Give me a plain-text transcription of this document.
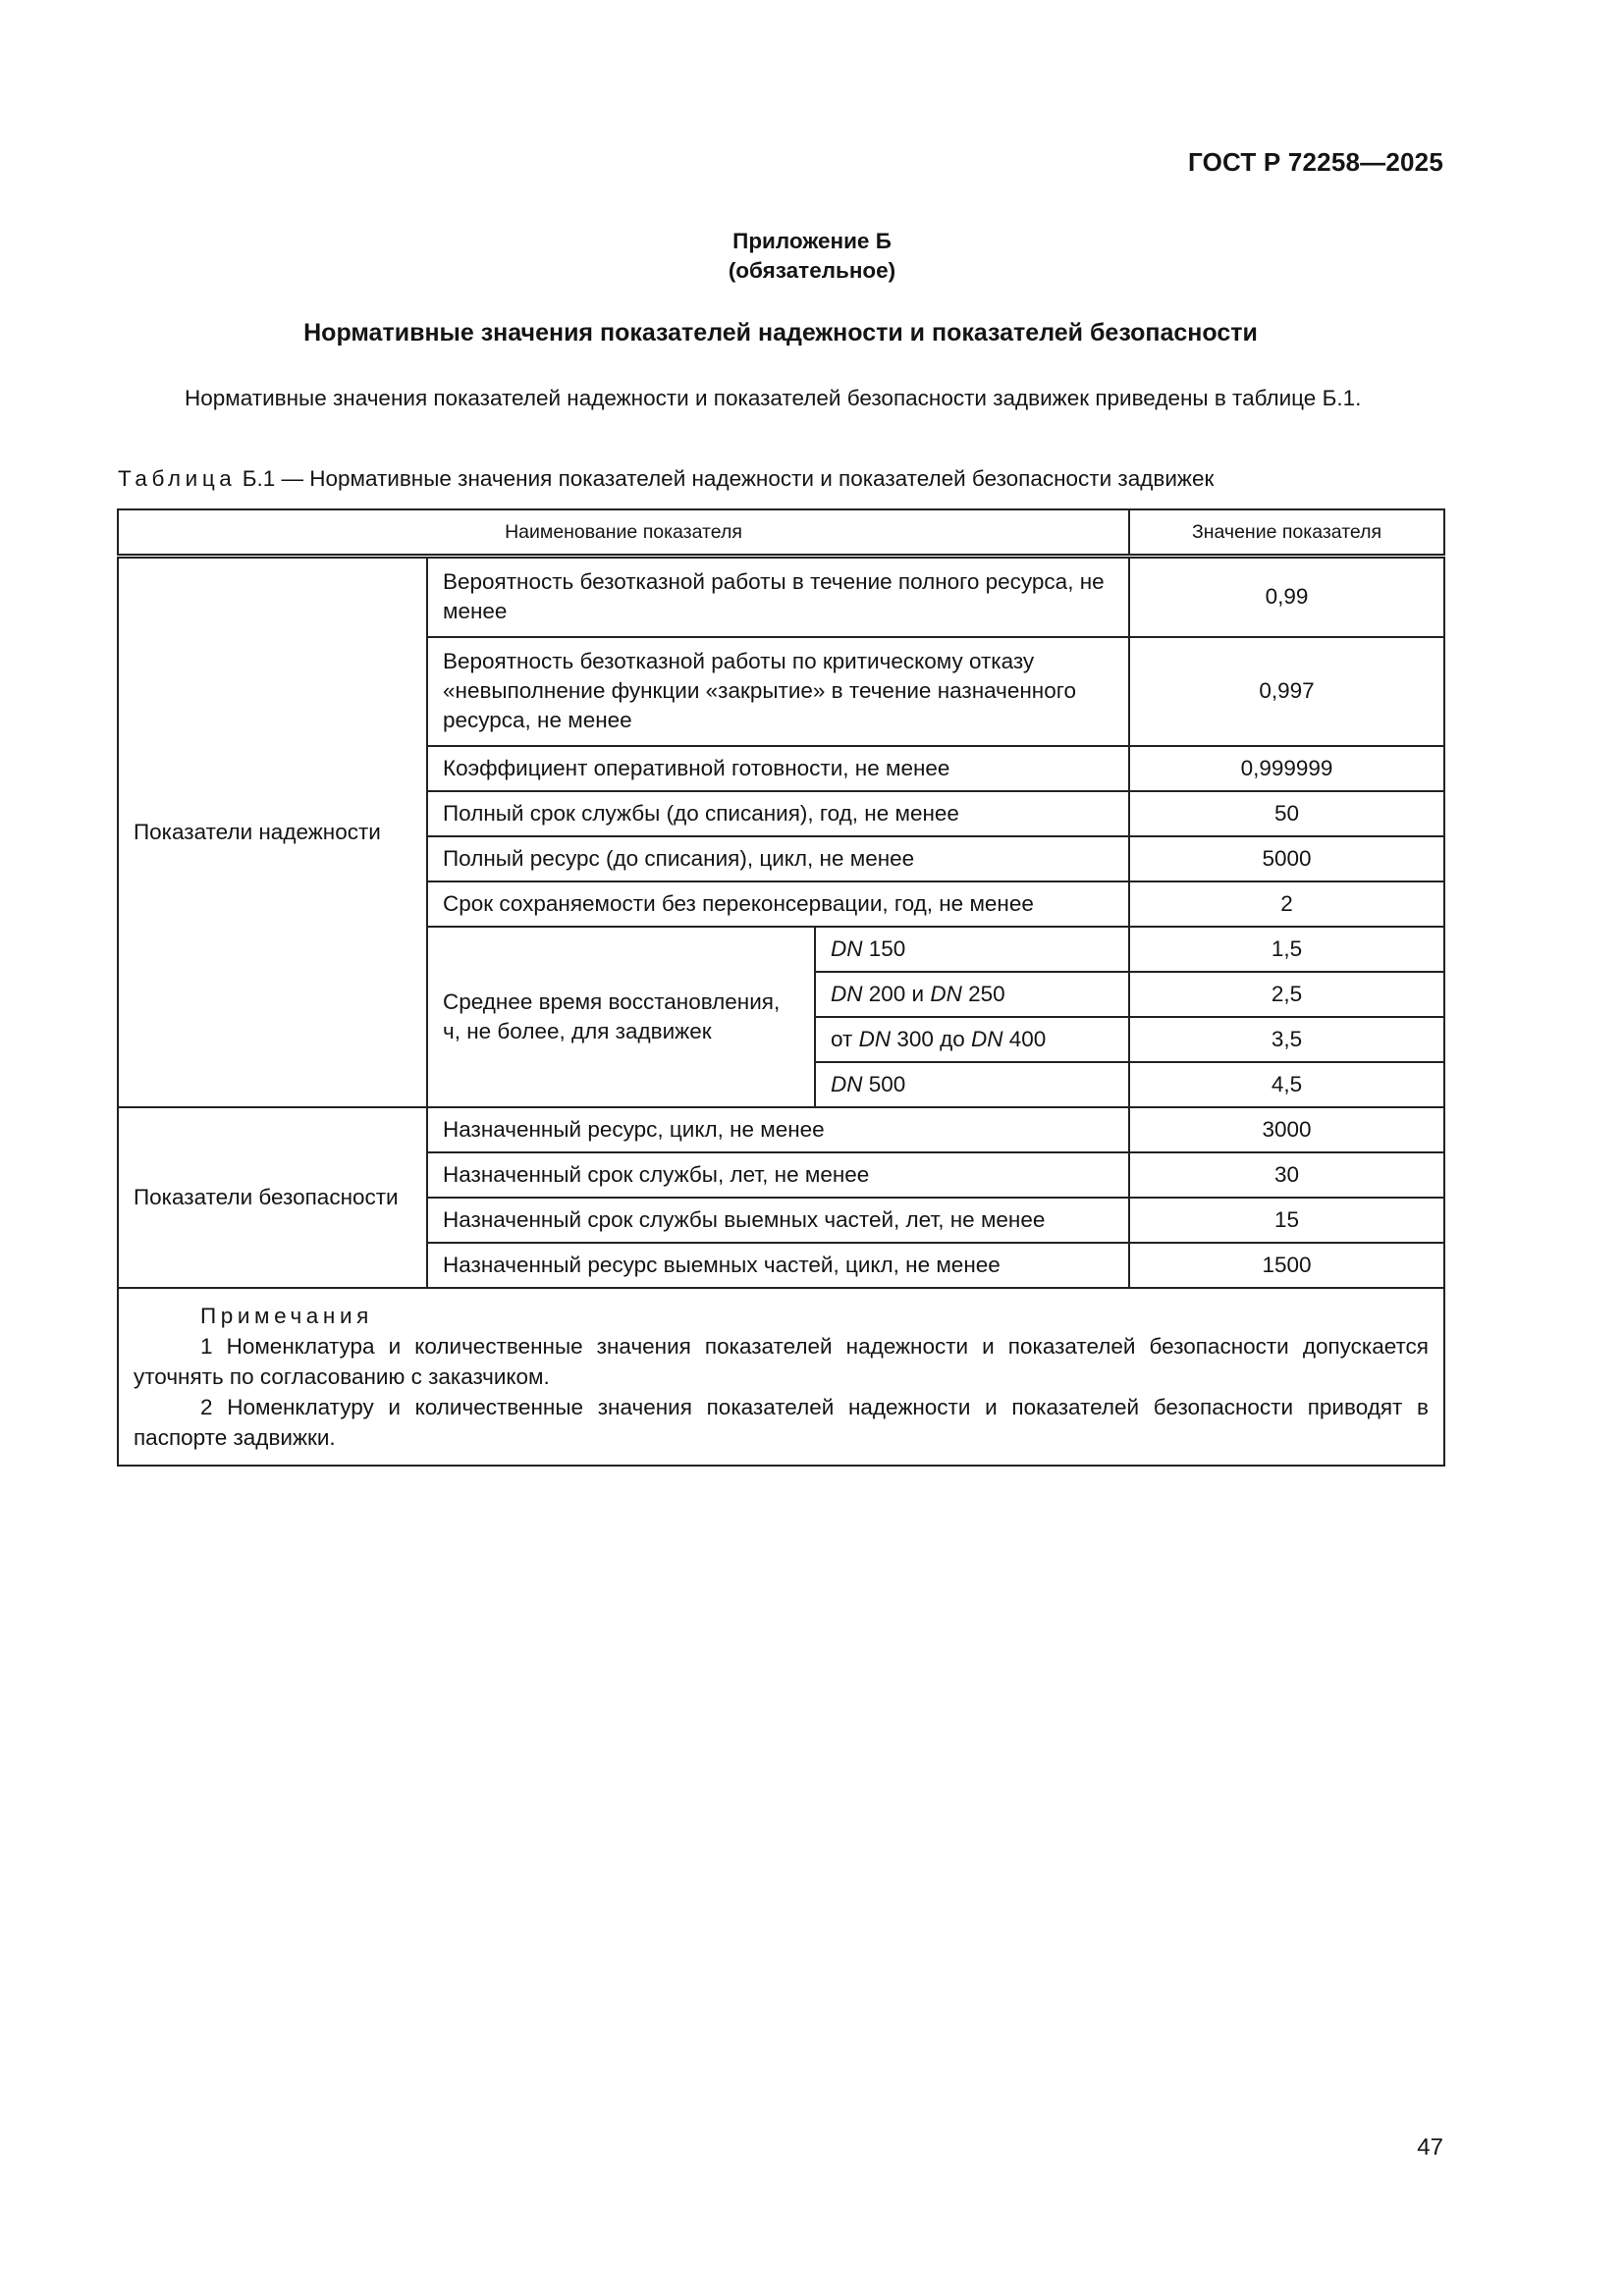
ГОСТ Р 72258—2025
Приложение Б
(обязательное)
Нормативные значения показателей надежности и показателей безопасности
Нормативные значения показателей надежности и показателей безопасности задвижек приведены в таблице Б.1.
Таблица Б.1 — Нормативные значения показателей надежности и показателей безопасности задвижек
Наименование показателя			Значение показателя
Показатели надежности	Вероятность безотказной работы в течение полного ресурса, не менее		0,99
	Вероятность безотказной работы по критическому отказу «невыполнение функции «закрытие» в течение назначенного ресурса, не менее		0,997
	Коэффициент оперативной готовности, не менее		0,999999
	Полный срок службы (до списания), год, не менее		50
	Полный ресурс (до списания), цикл, не менее		5000
	Срок сохраняемости без переконсервации, год, не менее		2
	Среднее время восстановления, ч, не более, для задвижек	DN 150	1,5
		DN 200 и DN 250	2,5
		от DN 300 до DN 400	3,5
		DN 500	4,5
Показатели безопасности	Назначенный ресурс, цикл, не менее		3000
	Назначенный срок службы, лет, не менее		30
	Назначенный срок службы выемных частей, лет, не менее		15
	Назначенный ресурс выемных частей, цикл, не менее		1500

Примечания
1 Номенклатура и количественные значения показателей надежности и показателей безопасности допускается уточнять по согласованию с заказчиком.
2 Номенклатуру и количественные значения показателей надежности и показателей безопасности приводят в паспорте задвижки.			
47
